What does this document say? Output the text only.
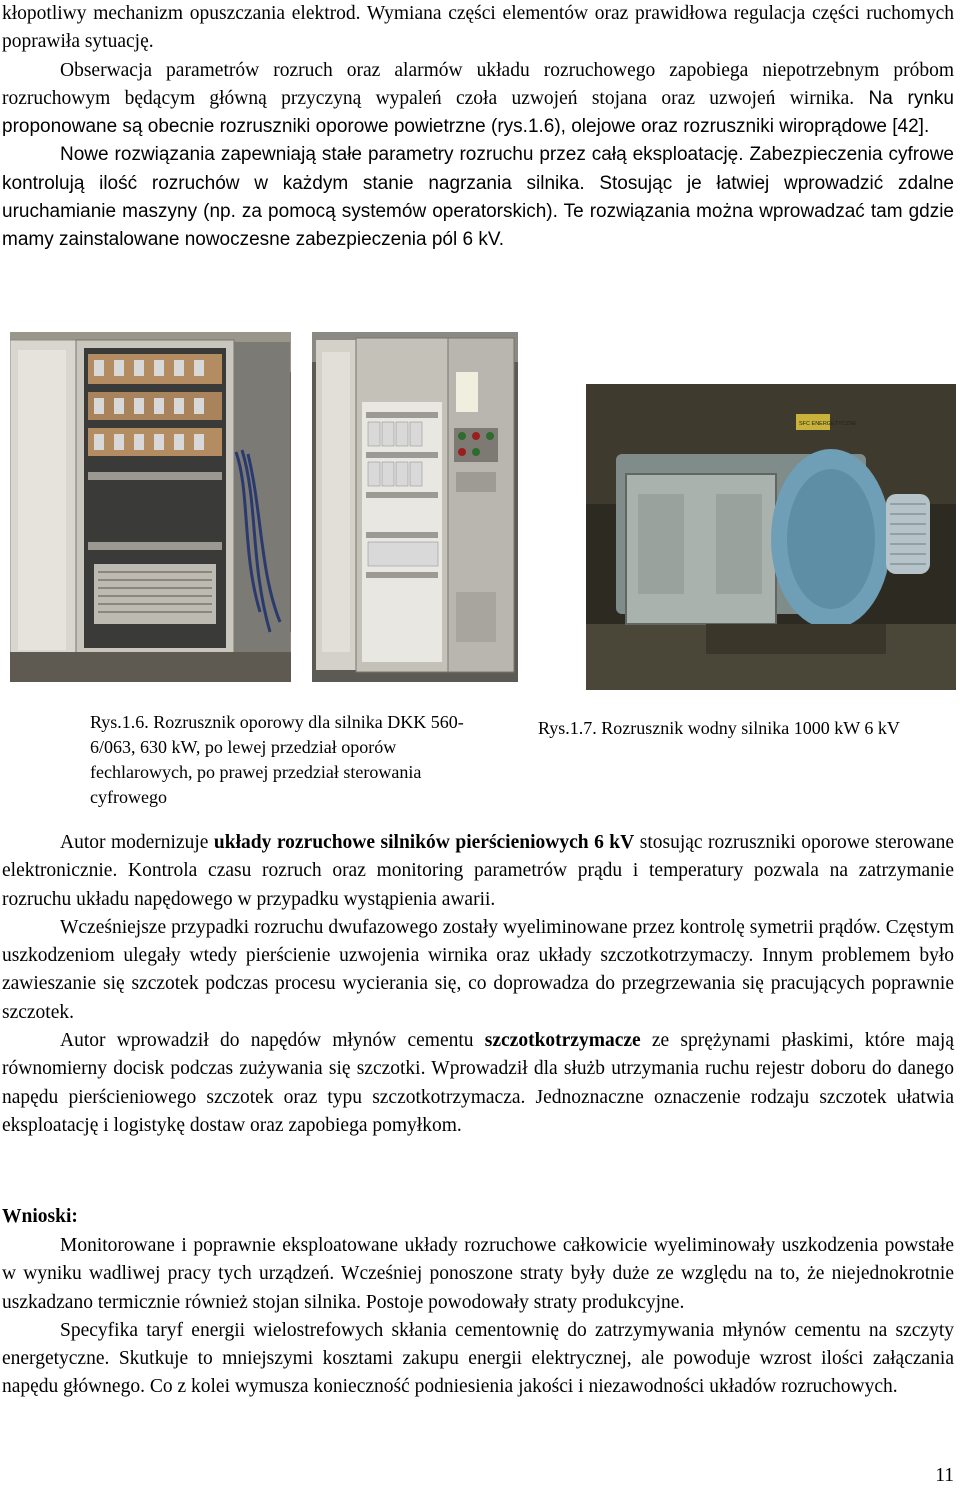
kłopotliwy mechanizm opuszczania elektrod. Wymiana części elementów oraz prawidłowa regulacja części ruchomych poprawiła sytuację.

Obserwacja parametrów rozruch oraz alarmów układu rozruchowego zapobiega niepotrzebnym próbom rozruchowym będącym główną przyczyną wypaleń czoła uzwojeń stojana oraz uzwojeń wirnika. Na rynku proponowane są obecnie rozruszniki oporowe powietrzne (rys.1.6), olejowe oraz rozruszniki wiroprądowe [42].

Nowe rozwiązania zapewniają stałe parametry rozruchu przez całą eksploatację. Zabezpieczenia cyfrowe kontrolują ilość rozruchów w każdym stanie nagrzania silnika. Stosując je łatwiej wprowadzić zdalne uruchamianie maszyny (np. za pomocą systemów operatorskich). Te rozwiązania można wprowadzać tam gdzie mamy zainstalowane nowoczesne zabezpieczenia pól 6 kV.

SFC ENERGETYCZNE
Rys.1.6. Rozrusznik oporowy dla silnika DKK 560-6/063, 630 kW, po lewej przedział oporów fechlarowych, po prawej przedział sterowania cyfrowego
Rys.1.7. Rozrusznik wodny silnika 1000 kW 6 kV

Autor modernizuje układy rozruchowe silników pierścieniowych 6 kV stosując rozruszniki oporowe sterowane elektronicznie. Kontrola czasu rozruch oraz monitoring parametrów prądu i temperatury pozwala na zatrzymanie rozruchu układu napędowego w przypadku wystąpienia awarii.

Wcześniejsze przypadki rozruchu dwufazowego zostały wyeliminowane przez kontrolę symetrii prądów. Częstym uszkodzeniom ulegały wtedy pierścienie uzwojenia wirnika oraz układy szczotkotrzymaczy. Innym problemem było zawieszanie się szczotek podczas procesu wycierania się, co doprowadza do przegrzewania się pracujących poprawnie szczotek.

Autor wprowadził do napędów młynów cementu szczotkotrzymacze ze sprężynami płaskimi, które mają równomierny docisk podczas zużywania się szczotki. Wprowadził dla służb utrzymania ruchu rejestr doboru do danego napędu pierścieniowego szczotek oraz typu szczotkotrzymacza. Jednoznaczne oznaczenie rodzaju szczotek ułatwia eksploatację i logistykę dostaw oraz zapobiega pomyłkom.

Wnioski:

Monitorowane i poprawnie eksploatowane układy rozruchowe całkowicie wyeliminowały uszkodzenia powstałe w wyniku wadliwej pracy tych urządzeń. Wcześniej ponoszone straty były duże ze względu na to, że niejednokrotnie uszkadzano termicznie również stojan silnika. Postoje powodowały straty produkcyjne.

Specyfika taryf energii wielostrefowych skłania cementownię do zatrzymywania młynów cementu na szczyty energetyczne. Skutkuje to mniejszymi kosztami zakupu energii elektrycznej, ale powoduje wzrost ilości załączania napędu głównego. Co z kolei wymusza konieczność podniesienia jakości i niezawodności układów rozruchowych.

11
